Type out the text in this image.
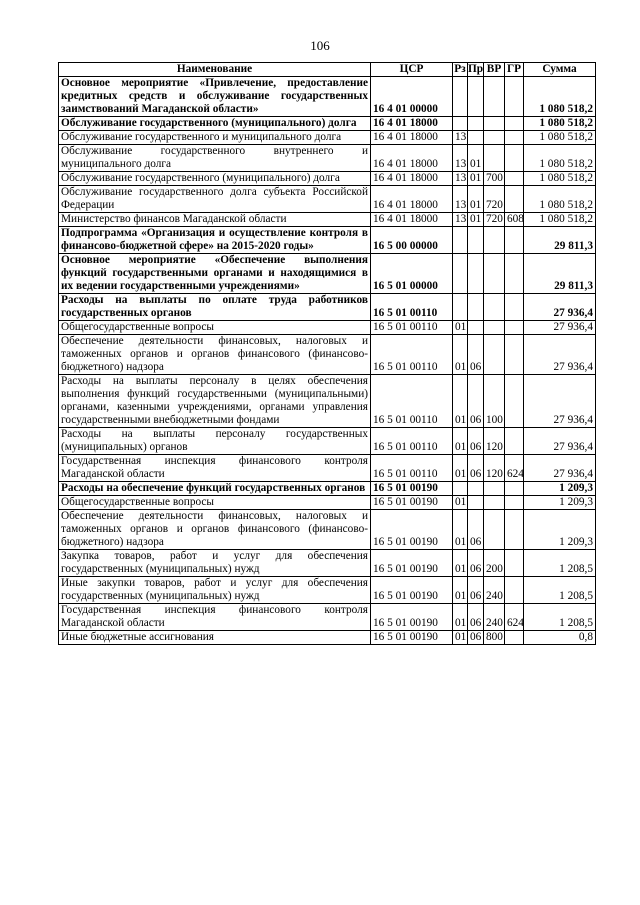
106
Наименование	ЦСР	Рз	Пр	ВР	ГР	Сумма
Основное мероприятие «Привлечение, предоставление кредитных средств и обслуживание государственных заимствований Магаданской области»	16 4 01 00000					1 080 518,2
Обслуживание государственного (муниципального) долга	16 4 01 18000					1 080 518,2
Обслуживание государственного и муниципального долга	16 4 01 18000	13				1 080 518,2
Обслуживание государственного внутреннего и муниципального долга	16 4 01 18000	13	01			1 080 518,2
Обслуживание государственного (муниципального) долга	16 4 01 18000	13	01	700		1 080 518,2
Обслуживание государственного долга субъекта Российской Федерации	16 4 01 18000	13	01	720		1 080 518,2
Министерство финансов Магаданской области	16 4 01 18000	13	01	720	608	1 080 518,2
Подпрограмма «Организация и осуществление контроля в финансово-бюджетной сфере» на 2015-2020 годы»	16 5 00 00000					29 811,3
Основное мероприятие «Обеспечение выполнения функций государственными органами и находящимися в их ведении государственными учреждениями»	16 5 01 00000					29 811,3
Расходы на выплаты по оплате труда работников государственных органов	16 5 01 00110					27 936,4
Общегосударственные вопросы	16 5 01 00110	01				27 936,4
Обеспечение деятельности финансовых, налоговых и таможенных органов и органов финансового (финансово-бюджетного) надзора	16 5 01 00110	01	06			27 936,4
Расходы на выплаты персоналу в целях обеспечения выполнения функций государственными (муниципальными) органами, казенными учреждениями, органами управления государственными внебюджетными фондами	16 5 01 00110	01	06	100		27 936,4
Расходы на выплаты персоналу государственных (муниципальных) органов	16 5 01 00110	01	06	120		27 936,4
Государственная инспекция финансового контроля Магаданской области	16 5 01 00110	01	06	120	624	27 936,4
Расходы на обеспечение функций государственных органов	16 5 01 00190					1 209,3
Общегосударственные вопросы	16 5 01 00190	01				1 209,3
Обеспечение деятельности финансовых, налоговых и таможенных органов и органов финансового (финансово-бюджетного) надзора	16 5 01 00190	01	06			1 209,3
Закупка товаров, работ и услуг для обеспечения государственных (муниципальных) нужд	16 5 01 00190	01	06	200		1 208,5
Иные закупки товаров, работ и услуг для обеспечения государственных (муниципальных) нужд	16 5 01 00190	01	06	240		1 208,5
Государственная инспекция финансового контроля Магаданской области	16 5 01 00190	01	06	240	624	1 208,5
Иные бюджетные ассигнования	16 5 01 00190	01	06	800		0,8
